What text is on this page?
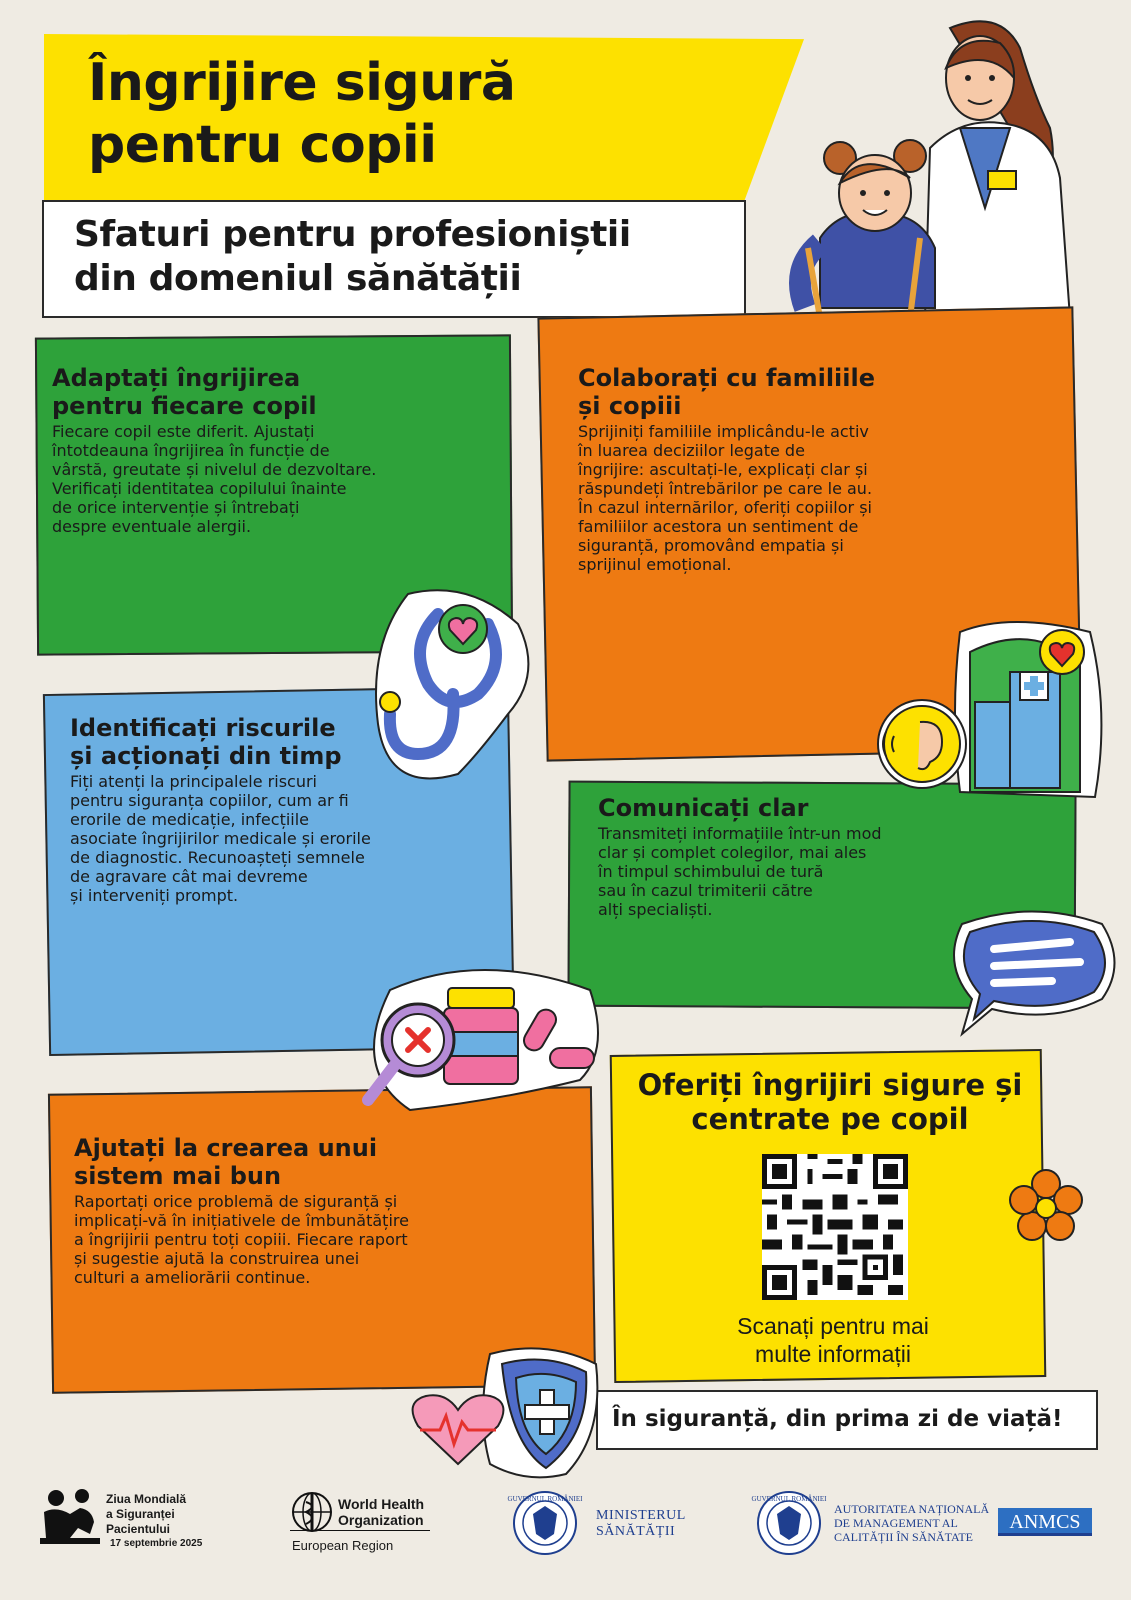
Îngrijire sigură
pentru copii
Sfaturi pentru profesioniștii
din domeniul sănătății
Adaptați îngrijirea
pentru fiecare copil

Fiecare copil este diferit. Ajustați
întotdeauna îngrijirea în funcție de
vârstă, greutate și nivelul de dezvoltare.
Verificați identitatea copilului înainte
de orice intervenție și întrebați
despre eventuale alergii.

Colaborați cu familiile
și copiii

Sprijiniți familiile implicându-le activ
în luarea deciziilor legate de
îngrijire: ascultați-le, explicați clar și
răspundeți întrebărilor pe care le au.
În cazul internărilor, oferiți copiilor și
familiilor acestora un sentiment de
siguranță, promovând empatia și
sprijinul emoțional.

Identificați riscurile
și acționați din timp

Fiți atenți la principalele riscuri
pentru siguranța copiilor, cum ar fi
erorile de medicație, infecțiile
asociate îngrijirilor medicale și erorile
de diagnostic. Recunoașteți semnele
de agravare cât mai devreme
și interveniți prompt.

Comunicați clar

Transmiteți informațiile într-un mod
clar și complet colegilor, mai ales
în timpul schimbului de tură
sau în cazul trimiterii către
alți specialiști.

Ajutați la crearea unui
sistem mai bun

Raportați orice problemă de siguranță și
implicați-vă în inițiativele de îmbunătățire
a îngrijirii pentru toți copiii. Fiecare raport
și sugestie ajută la construirea unei
culturi a ameliorării continue.

Oferiți îngrijiri sigure și
centrate pe copil
Scanați pentru mai
multe informații
În siguranță, din prima zi de viață!
Ziua Mondială
a Siguranței
Pacientului
17 septembrie 2025
World Health
Organization
European Region
GUVERNUL ROMÂNIEI
MINISTERUL
SĂNĂTĂȚII
GUVERNUL ROMÂNIEI
AUTORITATEA NAȚIONALĂ
DE MANAGEMENT AL
CALITĂȚII ÎN SĂNĂTATE
ANMCS
